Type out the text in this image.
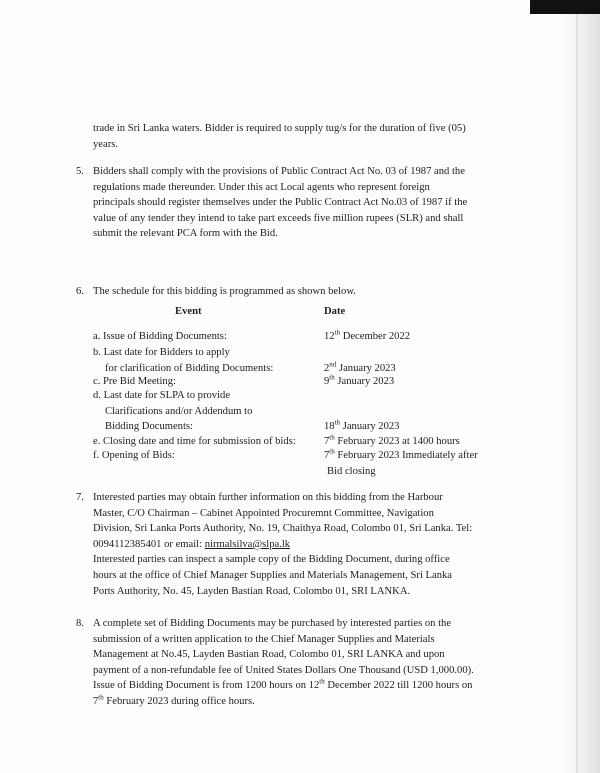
trade in Sri Lanka waters. Bidder is required to supply tug/s for the duration of five (05)
years.
5. Bidders shall comply with the provisions of Public Contract Act No. 03 of 1987 and the
regulations made thereunder. Under this act Local agents who represent foreign
principals should register themselves under the Public Contract Act No.03 of 1987 if the
value of any tender they intend to take part exceeds five million rupees (SLR) and shall
submit the relevant PCA form with the Bid.
6. The schedule for this bidding is programmed as shown below.
Event	Date
a. Issue of Bidding Documents:	12th December 2022
b. Last date for Bidders to apply
for clarification of Bidding Documents:	2nd January 2023
c. Pre Bid Meeting:	9th January 2023
d. Last date for SLPA to provide
Clarifications and/or Addendum to
Bidding Documents:	18th January 2023
e. Closing date and time for submission of bids:	7th February 2023 at 1400 hours
f. Opening of Bids:	7th February 2023 Immediately after
Bid closing
7. Interested parties may obtain further information on this bidding from the Harbour
Master, C/O Chairman – Cabinet Appointed Procuremnt Committee, Navigation
Division, Sri Lanka Ports Authority, No. 19, Chaithya Road, Colombo 01, Sri Lanka. Tel:
0094112385401 or email: nirmalsilva@slpa.lk
Interested parties can inspect a sample copy of the Bidding Document, during office
hours at the office of Chief Manager Supplies and Materials Management, Sri Lanka
Ports Authority, No. 45, Layden Bastian Road, Colombo 01, SRI LANKA.
8. A complete set of Bidding Documents may be purchased by interested parties on the
submission of a written application to the Chief Manager Supplies and Materials
Management at No.45, Layden Bastian Road, Colombo 01, SRI LANKA and upon
payment of a non-refundable fee of United States Dollars One Thousand (USD 1,000.00).
Issue of Bidding Document is from 1200 hours on 12th December 2022 till 1200 hours on
7th February 2023 during office hours.
